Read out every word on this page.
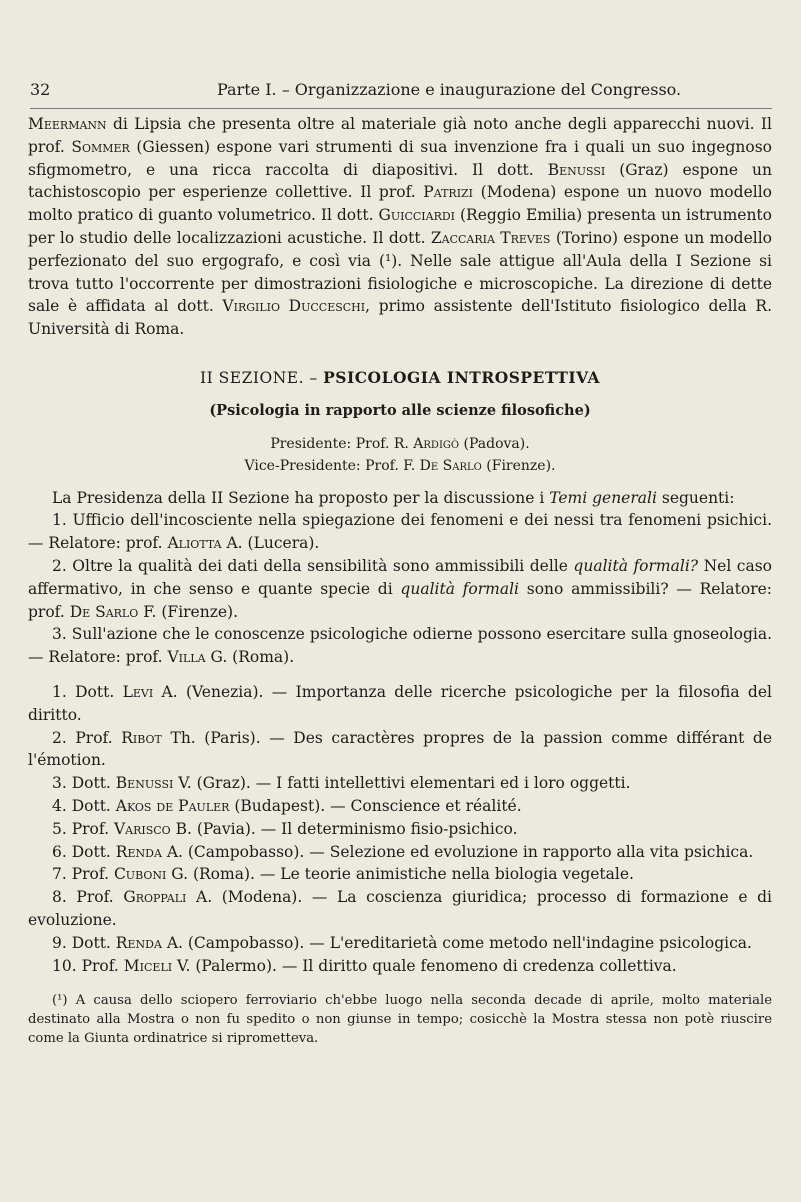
32	Parte I. – Organizzazione e inaugurazione del Congresso.

Meermann di Lipsia che presenta oltre al materiale già noto anche degli apparecchi nuovi. Il prof. Sommer (Giessen) espone vari strumenti di sua invenzione fra i quali un suo ingegnoso sfigmometro, e una ricca raccolta di diapositivi. Il dott. Benussi (Graz) espone un tachistoscopio per esperienze collettive. Il prof. Patrizi (Modena) espone un nuovo modello molto pratico di guanto volumetrico. Il dott. Guicciardi (Reggio Emilia) presenta un istrumento per lo studio delle localizzazioni acustiche. Il dott. Zaccaria Treves (Torino) espone un modello perfezionato del suo ergografo, e così via (¹). Nelle sale attigue all'Aula della I Sezione si trova tutto l'occorrente per dimostrazioni fisiologiche e microscopiche. La direzione di dette sale è affidata al dott. Virgilio Ducceschi, primo assistente dell'Istituto fisiologico della R. Università di Roma.

II SEZIONE. – PSICOLOGIA INTROSPETTIVA

(Psicologia in rapporto alle scienze filosofiche)

Presidente: Prof. R. Ardigò (Padova).
Vice-Presidente: Prof. F. De Sarlo (Firenze).

La Presidenza della II Sezione ha proposto per la discussione i Temi generali seguenti:

1. Ufficio dell'incosciente nella spiegazione dei fenomeni e dei nessi tra fenomeni psichici. — Relatore: prof. Aliotta A. (Lucera).

2. Oltre la qualità dei dati della sensibilità sono ammissibili delle qualità formali? Nel caso affermativo, in che senso e quante specie di qualità formali sono ammissibili? — Relatore: prof. De Sarlo F. (Firenze).

3. Sull'azione che le conoscenze psicologiche odierne possono esercitare sulla gnoseologia. — Relatore: prof. Villa G. (Roma).

1. Dott. Levi A. (Venezia). — Importanza delle ricerche psicologiche per la filosofia del diritto.

2. Prof. Ribot Th. (Paris). — Des caractères propres de la passion comme différant de l'émotion.

3. Dott. Benussi V. (Graz). — I fatti intellettivi elementari ed i loro oggetti.

4. Dott. Akos de Pauler (Budapest). — Conscience et réalité.

5. Prof. Varisco B. (Pavia). — Il determinismo fisio-psichico.

6. Dott. Renda A. (Campobasso). — Selezione ed evoluzione in rapporto alla vita psichica.

7. Prof. Cuboni G. (Roma). — Le teorie animistiche nella biologia vegetale.

8. Prof. Groppali A. (Modena). — La coscienza giuridica; processo di formazione e di evoluzione.

9. Dott. Renda A. (Campobasso). — L'ereditarietà come metodo nell'indagine psicologica.

10. Prof. Miceli V. (Palermo). — Il diritto quale fenomeno di credenza collettiva.

(¹) A causa dello sciopero ferroviario ch'ebbe luogo nella seconda decade di aprile, molto materiale destinato alla Mostra o non fu spedito o non giunse in tempo; cosicchè la Mostra stessa non potè riuscire come la Giunta ordinatrice si riprometteva.
